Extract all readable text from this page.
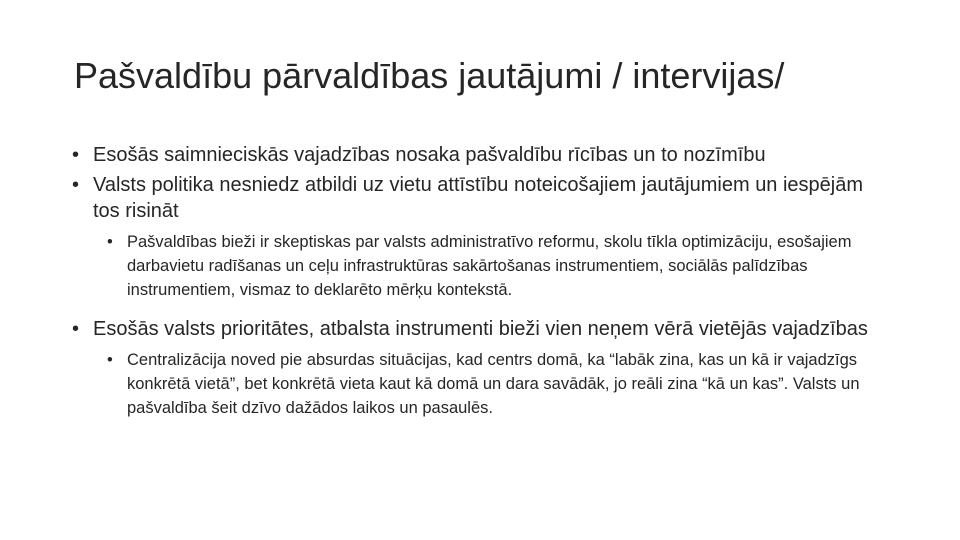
Pašvaldību pārvaldības jautājumi / intervijas/
• Esošās saimnieciskās vajadzības nosaka pašvaldību rīcības un to nozīmību
• Valsts politika nesniedz atbildi uz vietu attīstību noteicošajiem jautājumiem un iespējām tos risināt
• Pašvaldības bieži ir skeptiskas par valsts administratīvo reformu, skolu tīkla optimizāciju, esošajiem darbavietu radīšanas un ceļu infrastruktūras sakārtošanas instrumentiem, sociālās palīdzības instrumentiem, vismaz to deklarēto mērķu kontekstā.
• Esošās valsts prioritātes, atbalsta instrumenti bieži vien neņem vērā vietējās vajadzības
• Centralizācija noved pie absurdas situācijas, kad centrs domā, ka “labāk zina, kas un kā ir vajadzīgs konkrētā vietā”, bet konkrētā vieta kaut kā domā un dara savādāk, jo reāli zina “kā un kas”. Valsts un pašvaldība šeit dzīvo dažādos laikos un pasaulēs.
